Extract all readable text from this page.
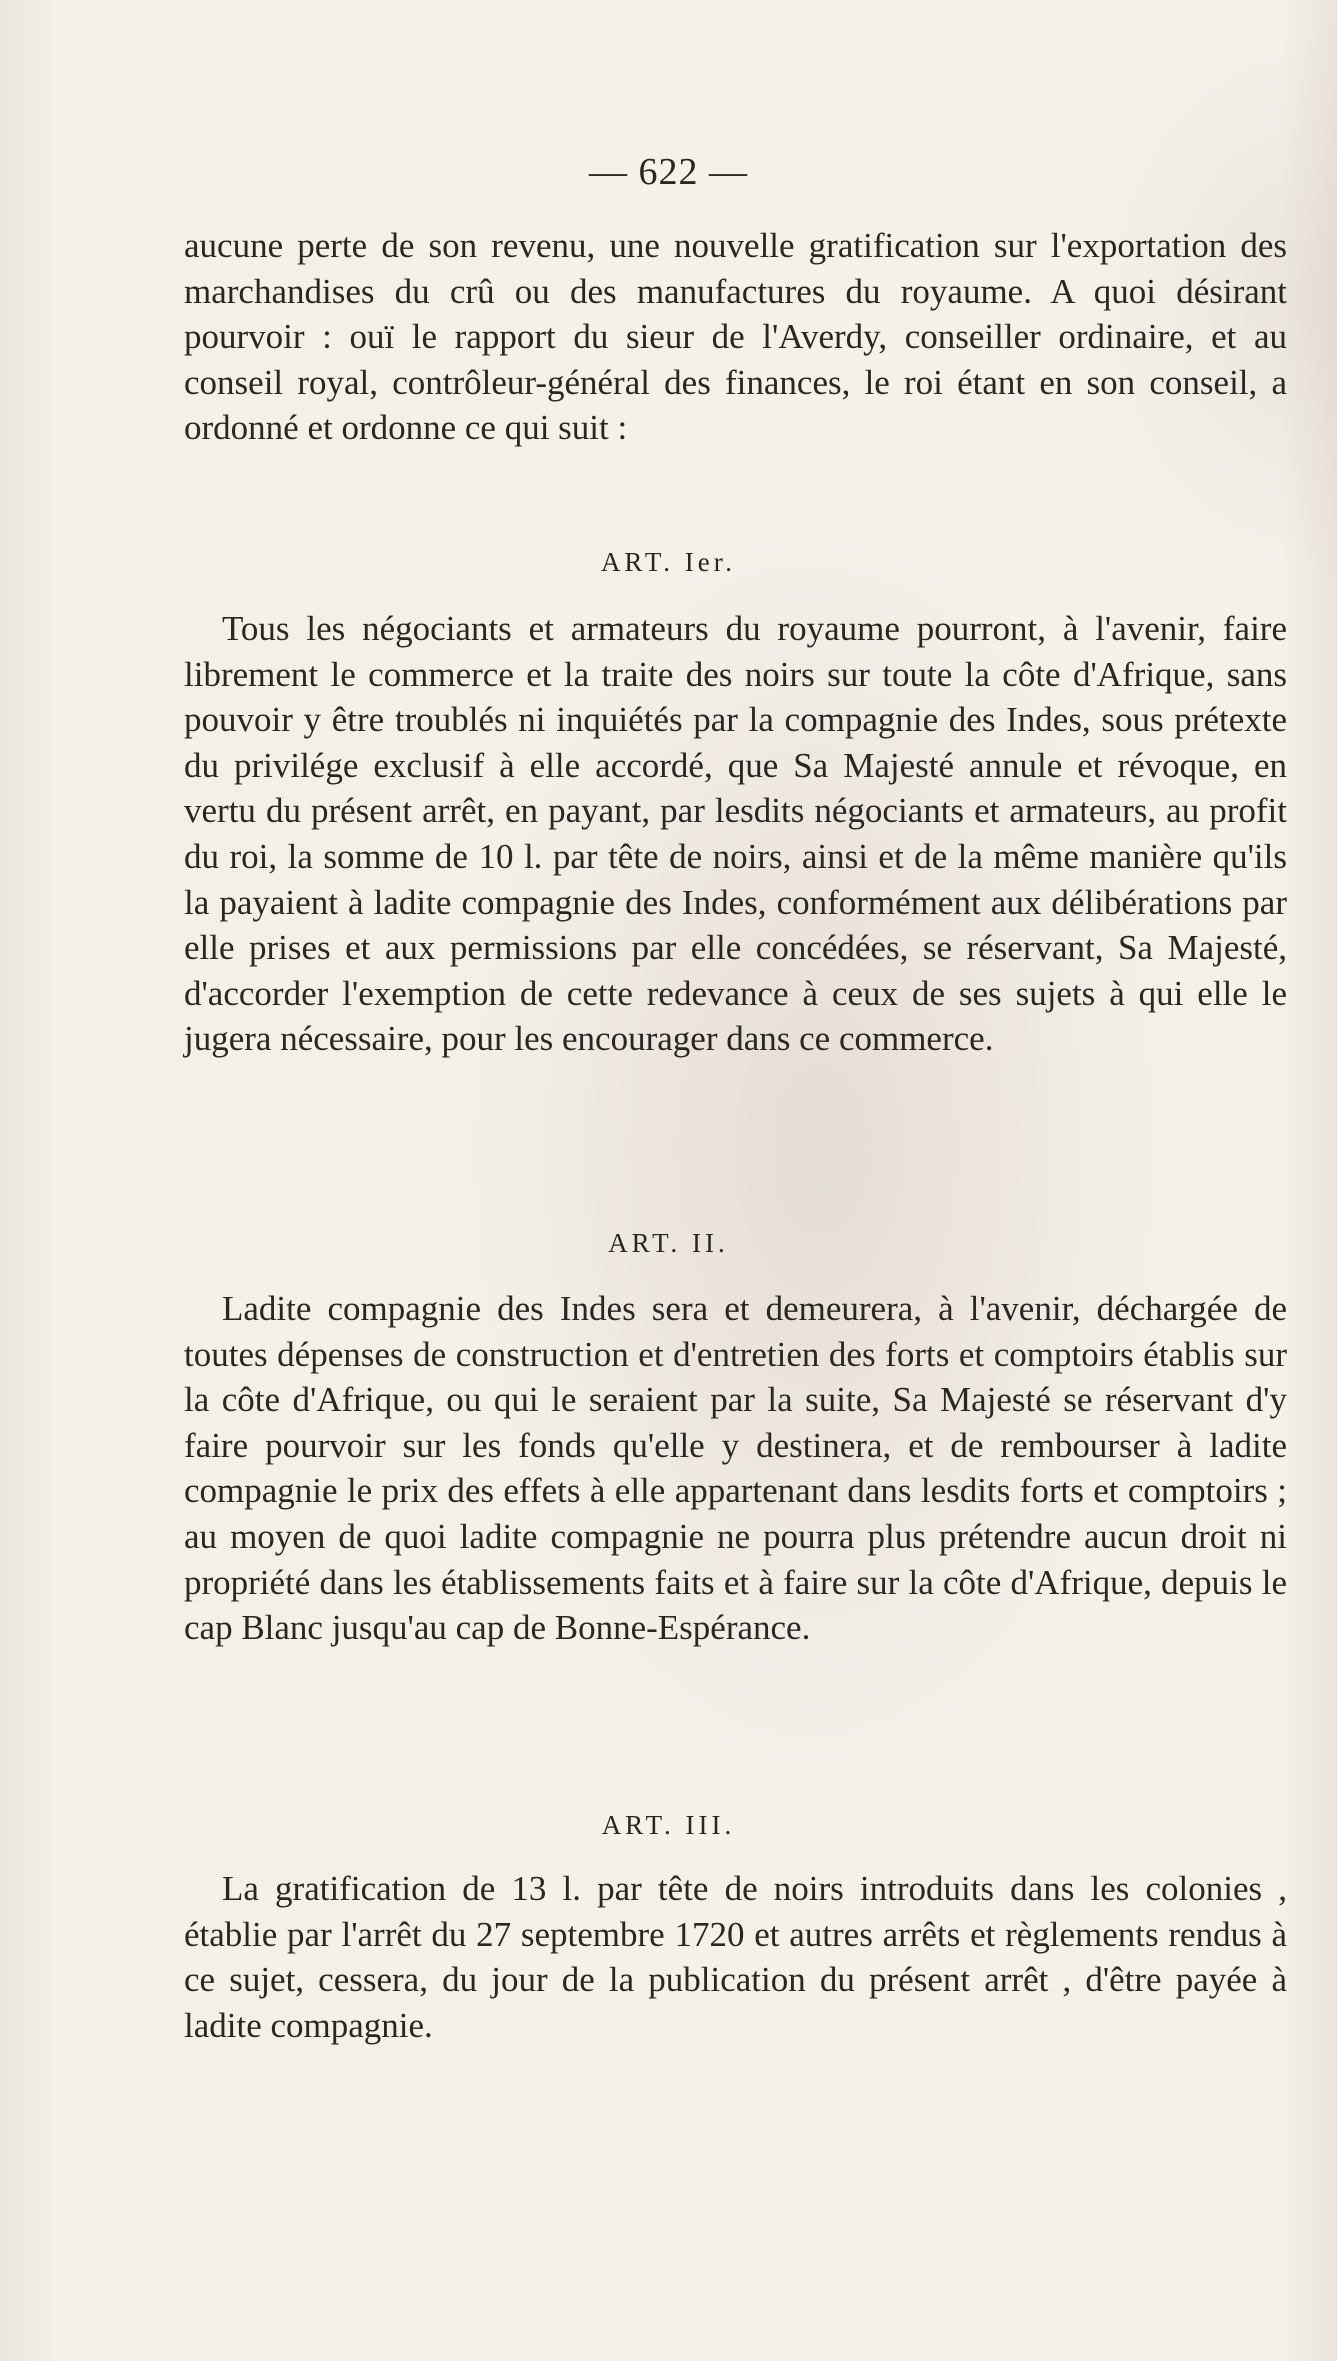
— 622 —

aucune perte de son revenu, une nouvelle gratification sur l'exportation des marchandises du crû ou des manufactures du royaume. A quoi désirant pourvoir : ouï le rapport du sieur de l'Averdy, conseiller ordinaire, et au conseil royal, contrôleur-général des finances, le roi étant en son conseil, a ordonné et ordonne ce qui suit :

ART. Ier.

Tous les négociants et armateurs du royaume pourront, à l'avenir, faire librement le commerce et la traite des noirs sur toute la côte d'Afrique, sans pouvoir y être troublés ni inquiétés par la compagnie des Indes, sous prétexte du privilége exclusif à elle accordé, que Sa Majesté annule et révoque, en vertu du présent arrêt, en payant, par lesdits négociants et armateurs, au profit du roi, la somme de 10 l. par tête de noirs, ainsi et de la même manière qu'ils la payaient à ladite compagnie des Indes, conformément aux délibérations par elle prises et aux permissions par elle concédées, se réservant, Sa Majesté, d'accorder l'exemption de cette redevance à ceux de ses sujets à qui elle le jugera nécessaire, pour les encourager dans ce commerce.

ART. II.

Ladite compagnie des Indes sera et demeurera, à l'avenir, déchargée de toutes dépenses de construction et d'entretien des forts et comptoirs établis sur la côte d'Afrique, ou qui le seraient par la suite, Sa Majesté se réservant d'y faire pourvoir sur les fonds qu'elle y destinera, et de rembourser à ladite compagnie le prix des effets à elle appartenant dans lesdits forts et comptoirs ; au moyen de quoi ladite compagnie ne pourra plus prétendre aucun droit ni propriété dans les établissements faits et à faire sur la côte d'Afrique, depuis le cap Blanc jusqu'au cap de Bonne-Espérance.

ART. III.

La gratification de 13 l. par tête de noirs introduits dans les colonies , établie par l'arrêt du 27 septembre 1720 et autres arrêts et règlements rendus à ce sujet, cessera, du jour de la publication du présent arrêt , d'être payée à ladite compagnie.
